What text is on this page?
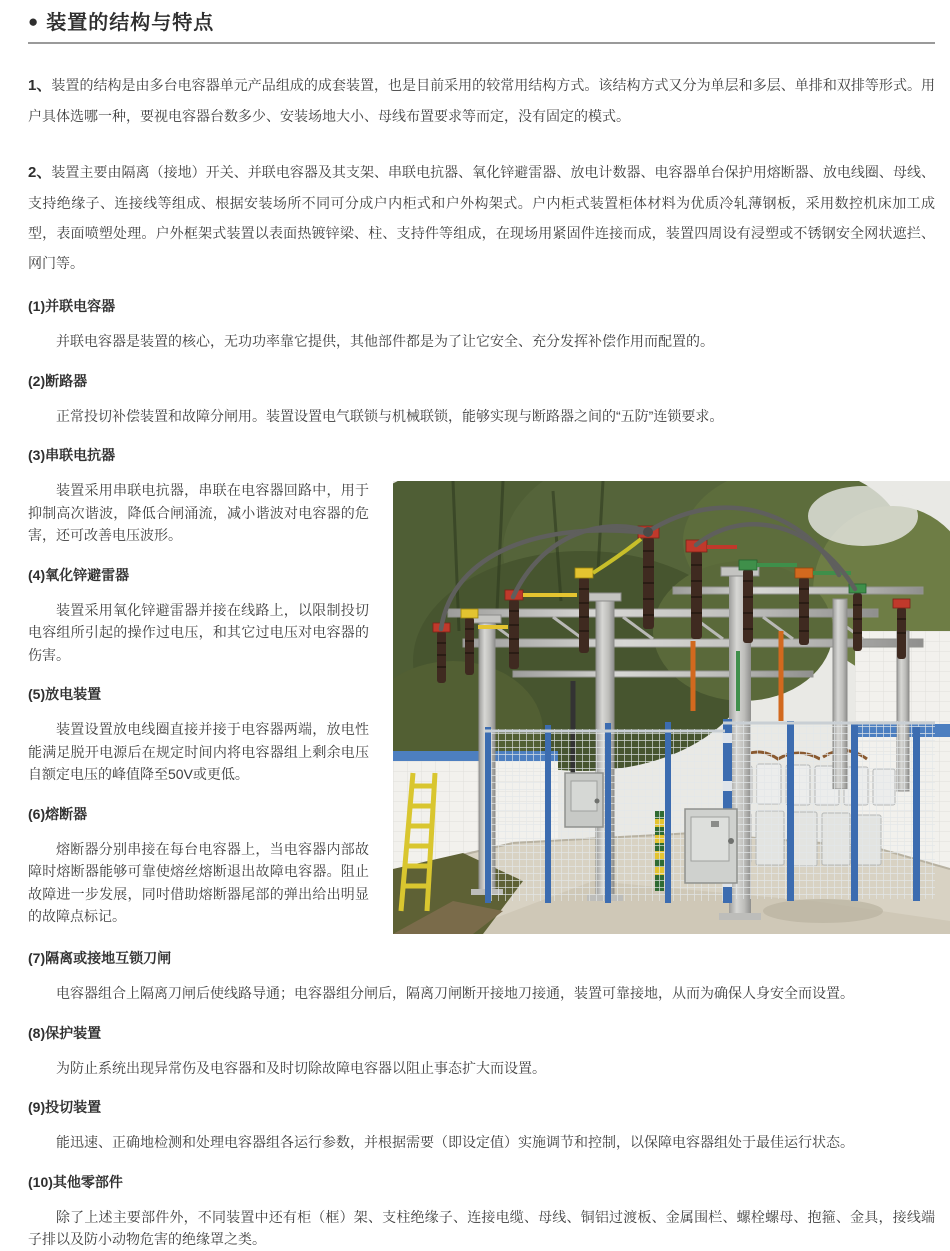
● 装置的结构与特点

1、装置的结构是由多台电容器单元产品组成的成套装置，也是目前采用的较常用结构方式。该结构方式又分为单层和多层、单排和双排等形式。用户具体选哪一种，要视电容器台数多少、安装场地大小、母线布置要求等而定，没有固定的模式。

2、装置主要由隔离（接地）开关、并联电容器及其支架、串联电抗器、氧化锌避雷器、放电计数器、电容器单台保护用熔断器、放电线圈、母线、支持绝缘子、连接线等组成、根据安装场所不同可分成户内柜式和户外构架式。户内柜式装置柜体材料为优质冷轧薄钢板，采用数控机床加工成型，表面喷塑处理。户外框架式装置以表面热镀锌梁、柱、支持件等组成，在现场用紧固件连接而成，装置四周设有浸塑或不锈钢安全网状遮拦、网门等。

(1)并联电容器

并联电容器是装置的核心，无功功率靠它提供，其他部件都是为了让它安全、充分发挥补偿作用而配置的。

(2)断路器

正常投切补偿装置和故障分闸用。装置设置电气联锁与机械联锁，能够实现与断路器之间的“五防”连锁要求。

(3)串联电抗器

装置采用串联电抗器，串联在电容器回路中，用于抑制高次谐波，降低合闸涌流，减小谐波对电容器的危害，还可改善电压波形。

(4)氧化锌避雷器

装置采用氧化锌避雷器并接在线路上，以限制投切电容组所引起的操作过电压，和其它过电压对电容器的伤害。

(5)放电装置

装置设置放电线圈直接并接于电容器两端，放电性能满足脱开电源后在规定时间内将电容器组上剩余电压自额定电压的峰值降至50V或更低。

(6)熔断器

熔断器分别串接在每台电容器上，当电容器内部故障时熔断器能够可靠使熔丝熔断退出故障电容器。阻止故障进一步发展，同吋借助熔断器尾部的弹出给出明显的故障点标记。

(7)隔离或接地互锁刀闸

电容器组合上隔离刀闸后使线路导通；电容器组分闸后，隔离刀闸断开接地刀接通，装置可靠接地，从而为确保人身安全而设置。

(8)保护装置

为防止系统出现异常伤及电容器和及时切除故障电容器以阻止事态扩大而设置。

(9)投切装置

能迅速、正确地检测和处理电容器组各运行参数，并根据需要（即设定值）实施调节和控制，以保障电容器组处于最佳运行状态。

(10)其他零部件

除了上述主要部件外，不同装置中还有柜（框）架、支柱绝缘子、连接电缆、母线、铜铝过渡板、金属围栏、螺栓螺母、抱箍、金具，接线端子排以及防小动物危害的绝缘罩之类。
